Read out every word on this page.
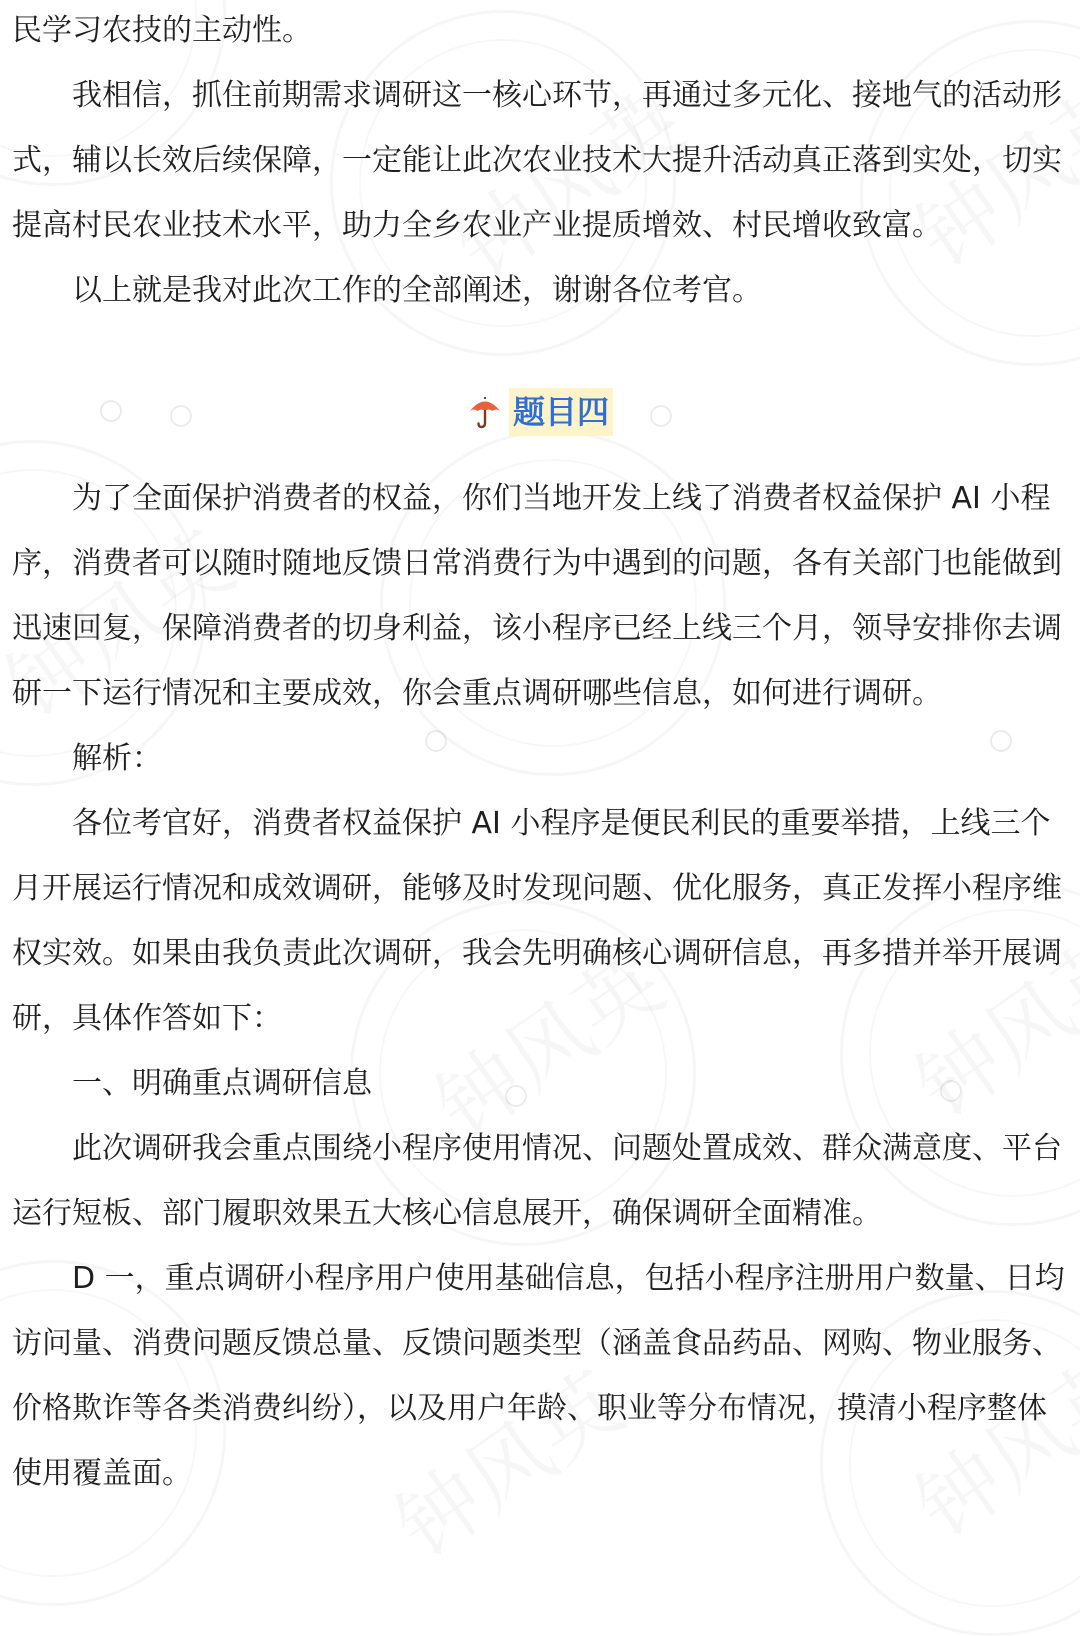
民学习农技的主动性。

我相信，抓住前期需求调研这一核心环节，再通过多元化、接地气的活动形式，辅以长效后续保障，一定能让此次农业技术大提升活动真正落到实处，切实提高村民农业技术水平，助力全乡农业产业提质增效、村民增收致富。

以上就是我对此次工作的全部阐述，谢谢各位考官。

题目四

为了全面保护消费者的权益，你们当地开发上线了消费者权益保护 AI 小程序，消费者可以随时随地反馈日常消费行为中遇到的问题，各有关部门也能做到迅速回复，保障消费者的切身利益，该小程序已经上线三个月，领导安排你去调研一下运行情况和主要成效，你会重点调研哪些信息，如何进行调研。

解析：

各位考官好，消费者权益保护 AI 小程序是便民利民的重要举措，上线三个月开展运行情况和成效调研，能够及时发现问题、优化服务，真正发挥小程序维权实效。如果由我负责此次调研，我会先明确核心调研信息，再多措并举开展调研，具体作答如下：

一、明确重点调研信息

此次调研我会重点围绕小程序使用情况、问题处置成效、群众满意度、平台运行短板、部门履职效果五大核心信息展开，确保调研全面精准。

D 一，重点调研小程序用户使用基础信息，包括小程序注册用户数量、日均访问量、消费问题反馈总量、反馈问题类型（涵盖食品药品、网购、物业服务、价格欺诈等各类消费纠纷），以及用户年龄、职业等分布情况，摸清小程序整体使用覆盖面。
